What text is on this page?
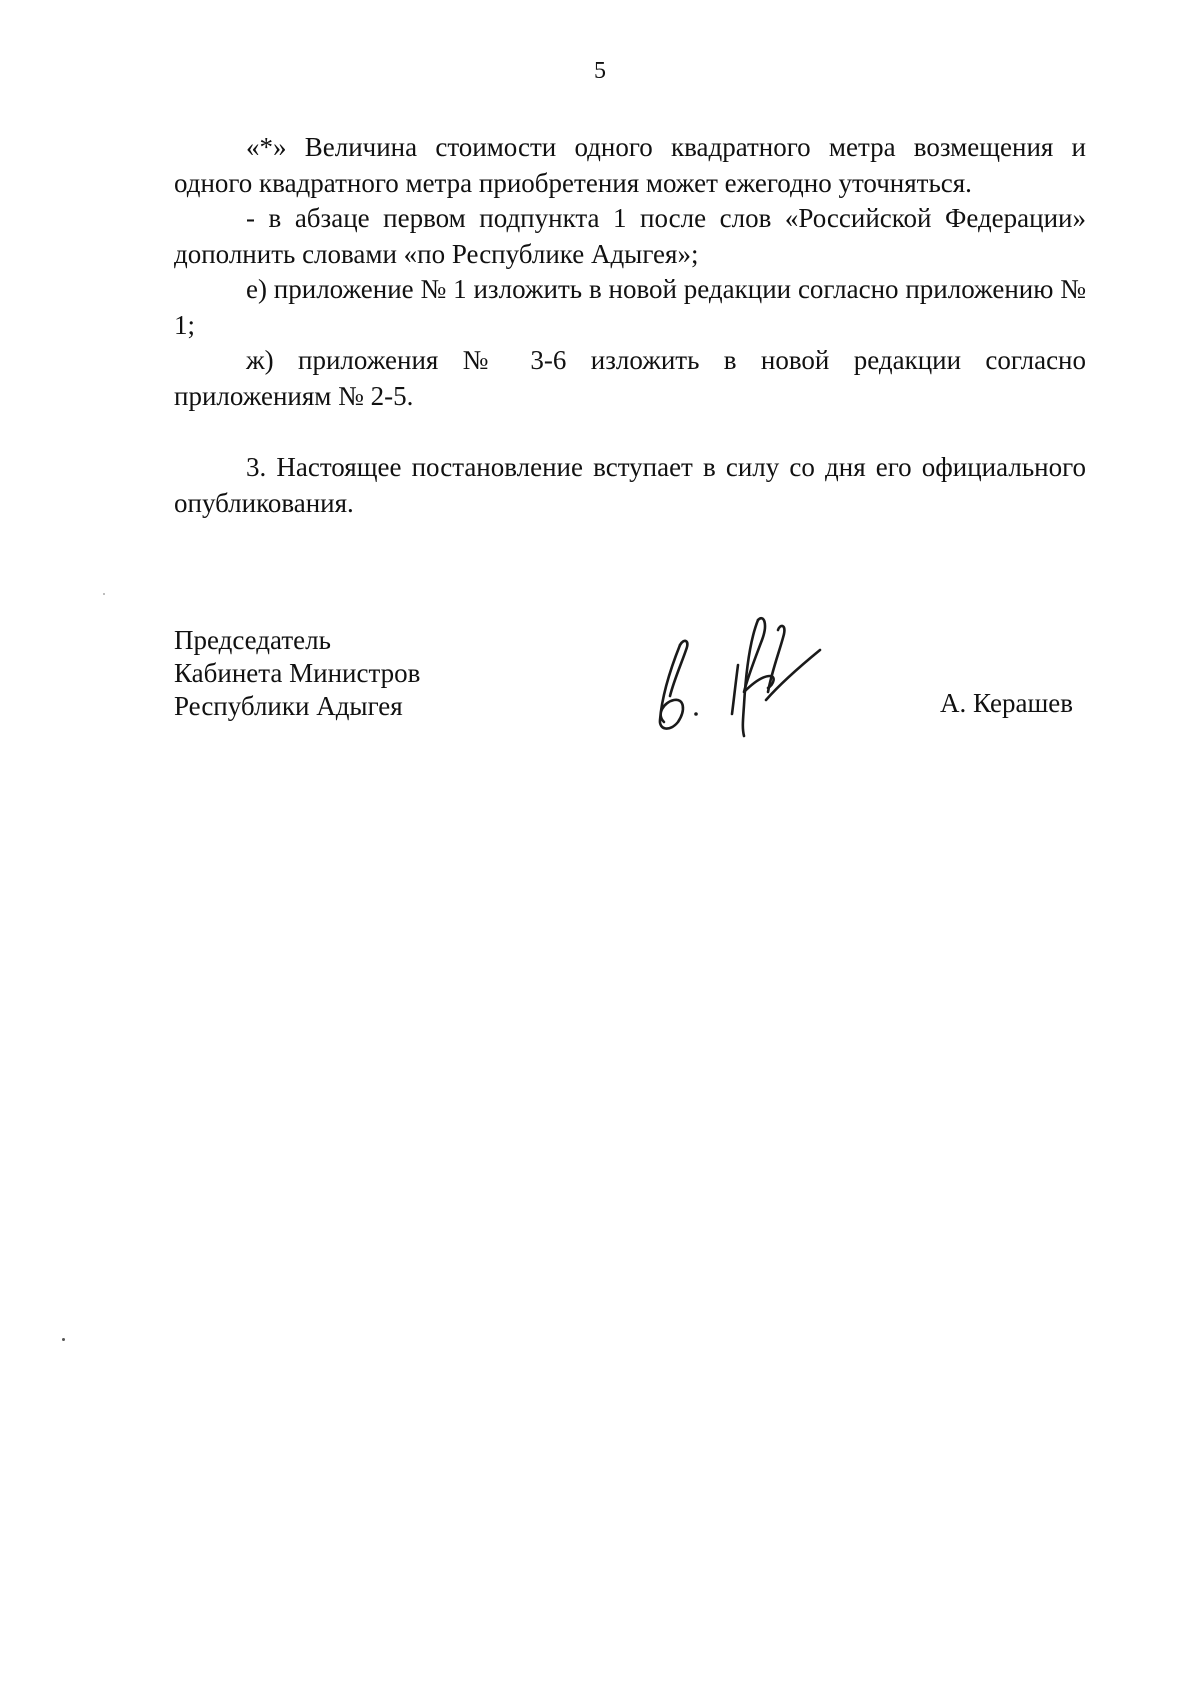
5

«*» Величина стоимости одного квадратного метра возмещения и одного квадратного метра приобретения может ежегодно уточняться.

- в абзаце первом подпункта 1 после слов «Российской Федерации» дополнить словами «по Республике Адыгея»;

е) приложение № 1 изложить в новой редакции согласно приложению № 1;

ж) приложения № 3-6 изложить в новой редакции согласно приложениям № 2-5.

3. Настоящее постановление вступает в силу со дня его официального опубликования.

Председатель
Кабинета Министров
Республики Адыгея	А. Керашев
